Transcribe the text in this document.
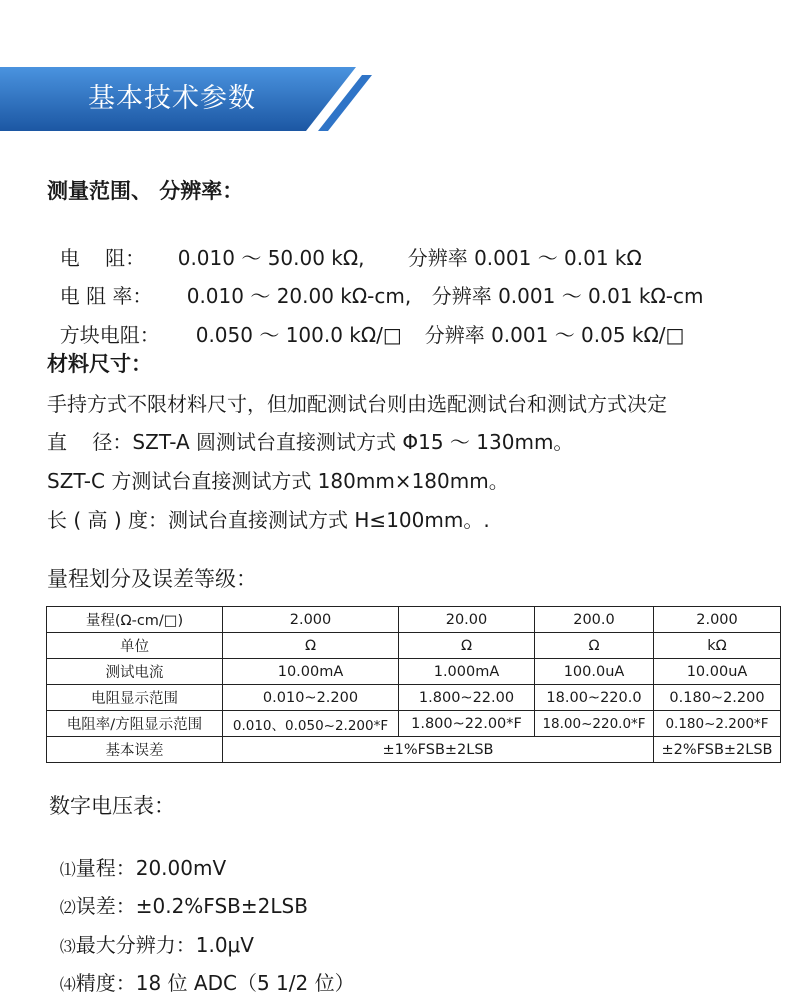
基本技术参数
测量范围、 分辨率：

电    阻： 0.010 ～ 50.00 kΩ, 分辨率 0.001 ～ 0.01 kΩ

电 阻 率： 0.010 ～ 20.00 kΩ-cm, 分辨率 0.001 ～ 0.01 kΩ-cm

方块电阻： 0.050 ～ 100.0 kΩ/□ 分辨率 0.001 ～ 0.05 kΩ/□

材料尺寸：
手持方式不限材料尺寸，但加配测试台则由选配测试台和测试方式决定
直    径：SZT-A 圆测试台直接测试方式 Φ15 ～ 130mm。
SZT-C 方测试台直接测试方式 180mm×180mm。
长 ( 高 ) 度：测试台直接测试方式 H≤100mm。.
量程划分及误差等级：
量程(Ω-cm/□)	2.000	20.00	200.0	2.000
单位	Ω	Ω	Ω	kΩ
测试电流	10.00mA	1.000mA	100.0uA	10.00uA
电阻显示范围	0.010~2.200	1.800~22.00	18.00~220.0	0.180~2.200
电阻率/方阻显示范围	0.010、0.050~2.200*F	1.800~22.00*F	18.00~220.0*F	0.180~2.200*F
基本误差	±1%FSB±2LSB			±2%FSB±2LSB
数字电压表：

⑴量程：20.00mV

⑵误差：±0.2%FSB±2LSB

⑶最大分辨力：1.0μV

⑷精度：18 位 ADC（5 1/2 位）
